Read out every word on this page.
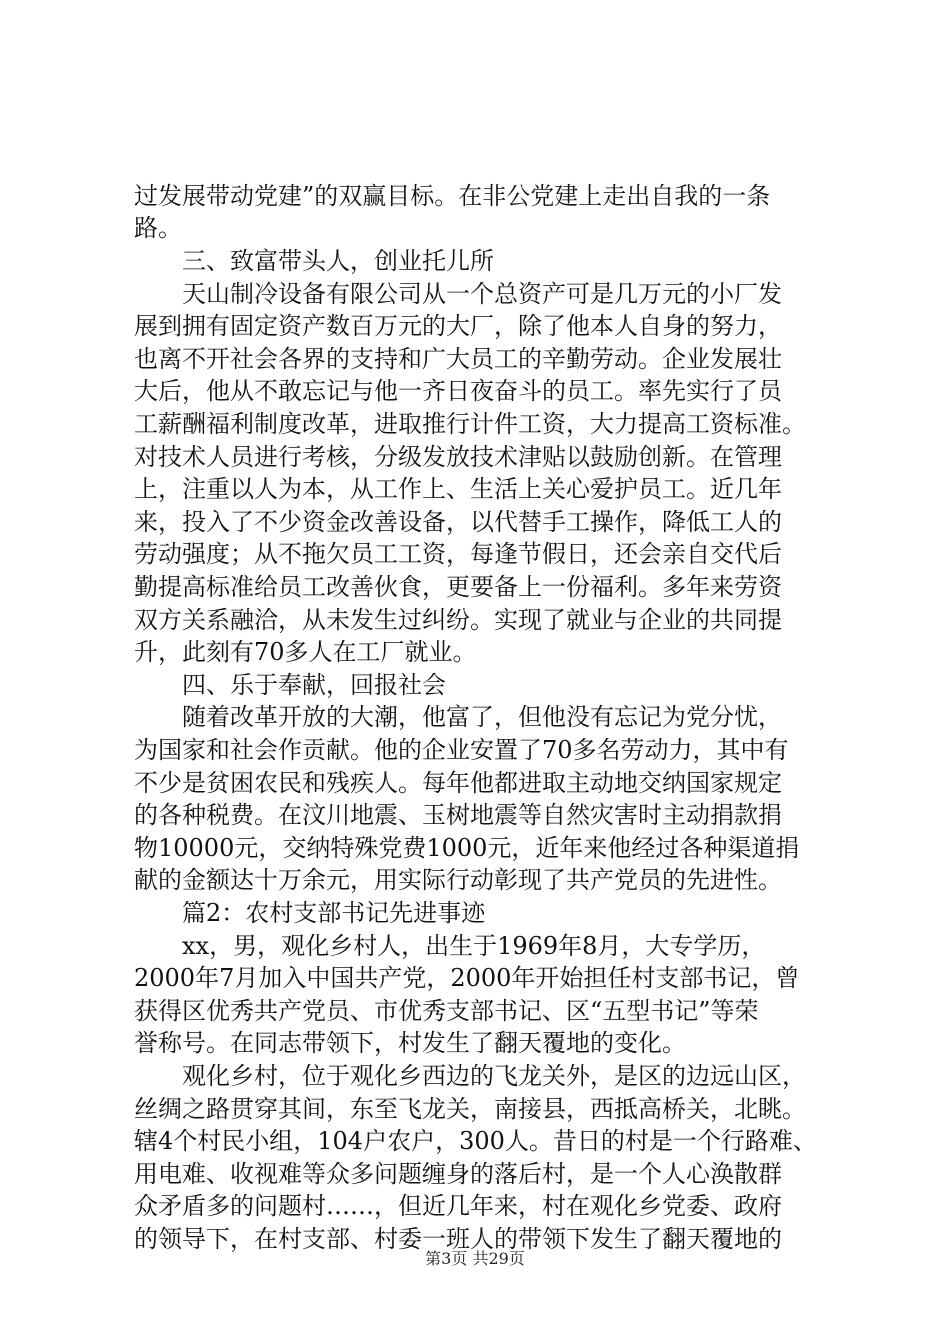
过发展带动党建”的双赢目标。在非公党建上走出自我的一条
路。
三、致富带头人，创业托儿所
天山制冷设备有限公司从一个总资产可是几万元的小厂发
展到拥有固定资产数百万元的大厂，除了他本人自身的努力，
也离不开社会各界的支持和广大员工的辛勤劳动。企业发展壮
大后，他从不敢忘记与他一齐日夜奋斗的员工。率先实行了员
工薪酬福利制度改革，进取推行计件工资，大力提高工资标准。
对技术人员进行考核，分级发放技术津贴以鼓励创新。在管理
上，注重以人为本，从工作上、生活上关心爱护员工。近几年
来，投入了不少资金改善设备，以代替手工操作，降低工人的
劳动强度；从不拖欠员工工资，每逢节假日，还会亲自交代后
勤提高标准给员工改善伙食，更要备上一份福利。多年来劳资
双方关系融洽，从未发生过纠纷。实现了就业与企业的共同提
升，此刻有70多人在工厂就业。
四、乐于奉献，回报社会
随着改革开放的大潮，他富了，但他没有忘记为党分忧，
为国家和社会作贡献。他的企业安置了70多名劳动力，其中有
不少是贫困农民和残疾人。每年他都进取主动地交纳国家规定
的各种税费。在汶川地震、玉树地震等自然灾害时主动捐款捐
物10000元，交纳特殊党费1000元，近年来他经过各种渠道捐
献的金额达十万余元，用实际行动彰现了共产党员的先进性。
篇2：农村支部书记先进事迹
xx，男，观化乡村人，出生于1969年8月，大专学历，
2000年7月加入中国共产党，2000年开始担任村支部书记，曾
获得区优秀共产党员、市优秀支部书记、区“五型书记”等荣
誉称号。在同志带领下，村发生了翻天覆地的变化。
观化乡村，位于观化乡西边的飞龙关外，是区的边远山区，
丝绸之路贯穿其间，东至飞龙关，南接县，西抵高桥关，北眺。
辖4个村民小组，104户农户，300人。昔日的村是一个行路难、
用电难、收视难等众多问题缠身的落后村，是一个人心涣散群
众矛盾多的问题村……，但近几年来，村在观化乡党委、政府
的领导下，在村支部、村委一班人的带领下发生了翻天覆地的
第3页 共29页
